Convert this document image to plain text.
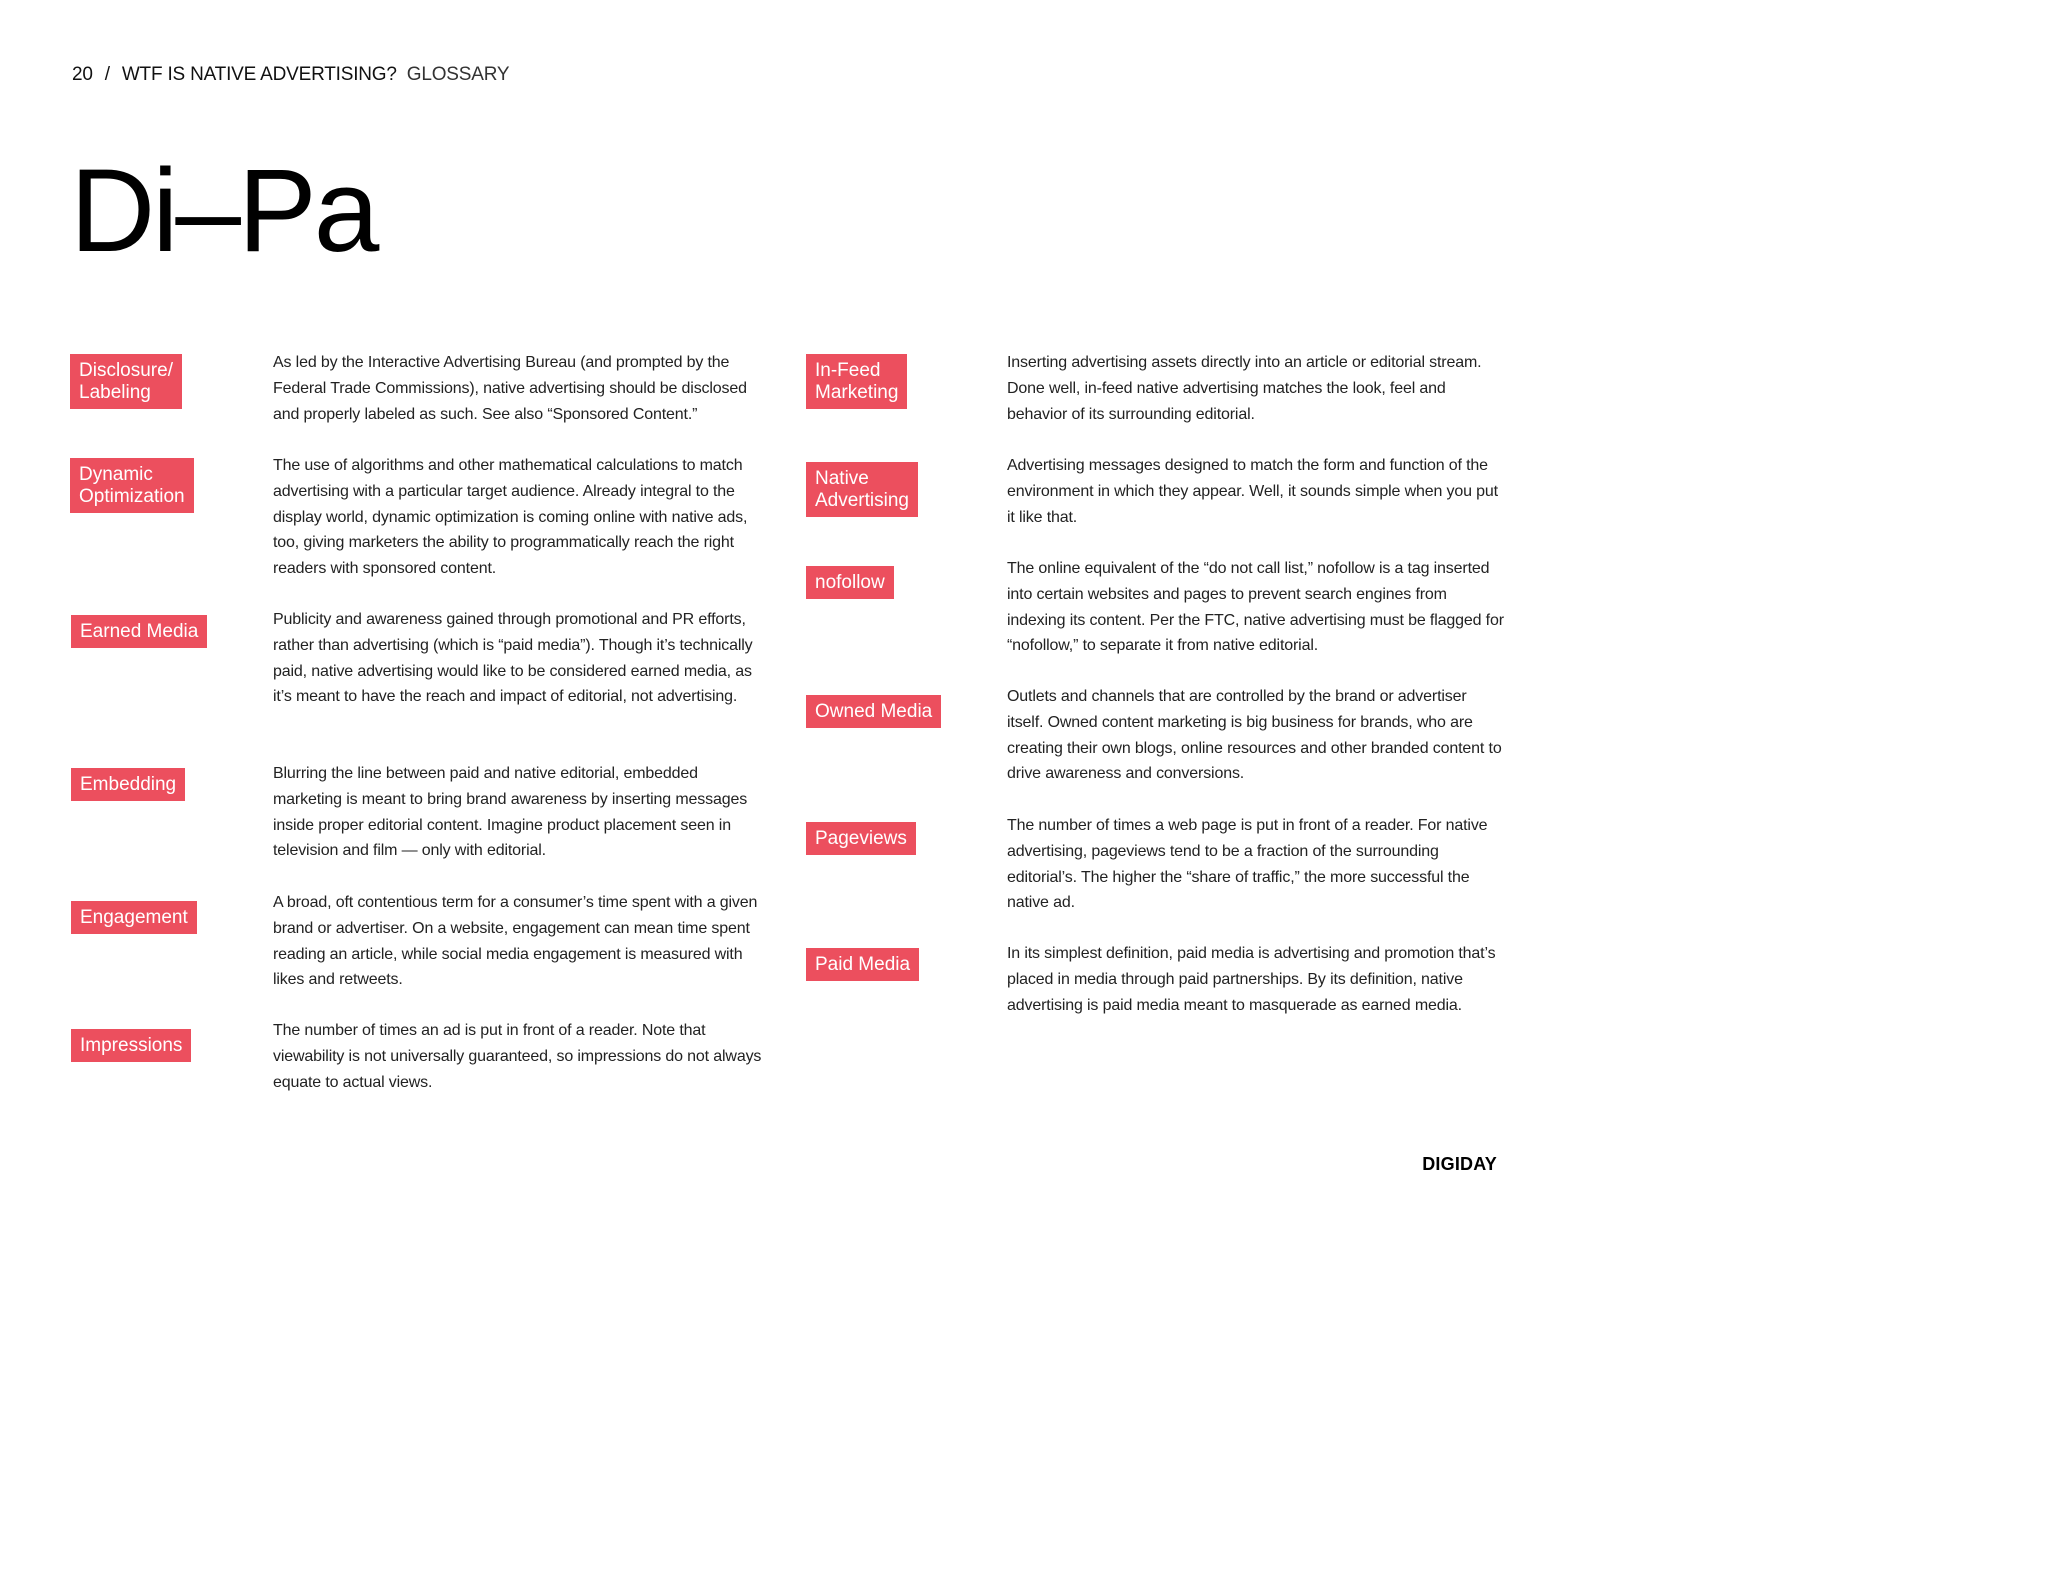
20 / WTF IS NATIVE ADVERTISING? GLOSSARY
Di–Pa
Disclosure/
Labeling
As led by the Interactive Advertising Bureau (and prompted by the Federal Trade Commissions), native advertising should be disclosed and properly labeled as such. See also “Sponsored Content.”
Dynamic
Optimization
The use of algorithms and other mathematical calculations to match advertising with a particular target audience. Already integral to the display world, dynamic optimization is coming online with native ads, too, giving marketers the ability to programmatically reach the right readers with sponsored content.
Earned Media
Publicity and awareness gained through promotional and PR efforts, rather than advertising (which is “paid media”). Though it’s technically paid, native advertising would like to be considered earned media, as it’s meant to have the reach and impact of editorial, not advertising.
Embedding
Blurring the line between paid and native editorial, embedded marketing is meant to bring brand awareness by inserting messages inside proper editorial content. Imagine product placement seen in television and film — only with editorial.
Engagement
A broad, oft contentious term for a consumer’s time spent with a given brand or advertiser. On a website, engagement can mean time spent reading an article, while social media engagement is measured with likes and retweets.
Impressions
The number of times an ad is put in front of a reader. Note that viewability is not universally guaranteed, so impressions do not always equate to actual views.
In-Feed
Marketing
Inserting advertising assets directly into an article or editorial stream. Done well, in-feed native advertising matches the look, feel and behavior of its surrounding editorial.
Native
Advertising
Advertising messages designed to match the form and function of the environment in which they appear. Well, it sounds simple when you put it like that.
nofollow
The online equivalent of the “do not call list,” nofollow is a tag inserted into certain websites and pages to prevent search engines from indexing its content. Per the FTC, native advertising must be flagged for “nofollow,” to separate it from native editorial.
Owned Media
Outlets and channels that are controlled by the brand or advertiser itself. Owned content marketing is big business for brands, who are creating their own blogs, online resources and other branded content to drive awareness and conversions.
Pageviews
The number of times a web page is put in front of a reader. For native advertising, pageviews tend to be a fraction of the surrounding editorial’s. The higher the “share of traffic,” the more successful the native ad.
Paid Media
In its simplest definition, paid media is advertising and promotion that’s placed in media through paid partnerships. By its definition, native advertising is paid media meant to masquerade as earned media.
DIGIDAY
